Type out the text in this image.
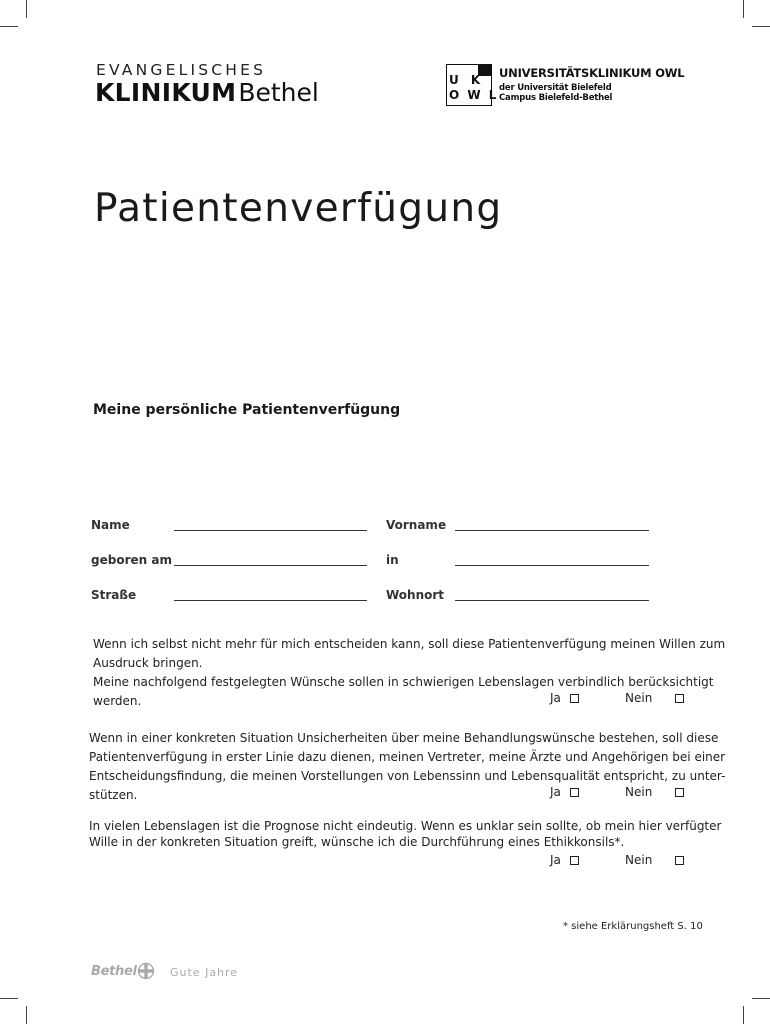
EVANGELISCHES
KLINIKUMBethel	U K
O W L
UNIVERSITÄTSKLINIKUM OWL
der Universität Bielefeld
Campus Bielefeld-Bethel
Patientenverfügung
Meine persönliche Patientenverfügung
Name	Vorname
geboren am	in
Straße	Wohnort
Wenn ich selbst nicht mehr für mich entscheiden kann, soll diese Patientenverfügung meinen Willen zum
Ausdruck bringen.
Meine nachfolgend festgelegten Wünsche sollen in schwierigen Lebenslagen verbindlich berücksichtigt
werden.	Ja	Nein
Wenn in einer konkreten Situation Unsicherheiten über meine Behandlungswünsche bestehen, soll diese
Patientenverfügung in erster Linie dazu dienen, meinen Vertreter, meine Ärzte und Angehörigen bei einer
Entscheidungsfindung, die meinen Vorstellungen von Lebenssinn und Lebensqualität entspricht, zu unter-
stützen.	Ja	Nein
In vielen Lebenslagen ist die Prognose nicht eindeutig. Wenn es unklar sein sollte, ob mein hier verfügter
Wille in der konkreten Situation greift, wünsche ich die Durchführung eines Ethikkonsils*.
Ja	Nein
* siehe Erklärungsheft S. 10
Bethel	Gute Jahre
